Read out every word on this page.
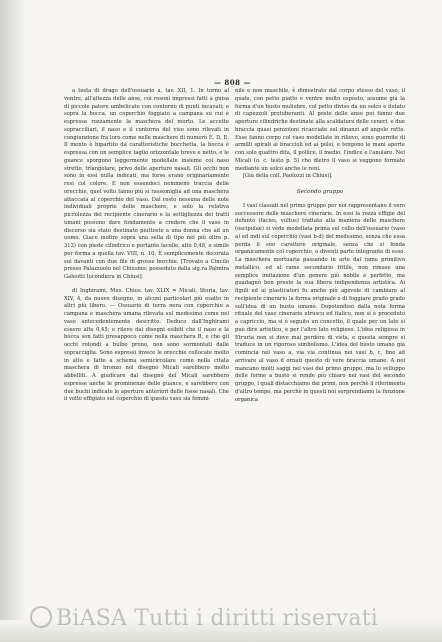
— 808 —

a testa di drago dell'ossuario a, tav. XII, 1. In torno al ventre, all'altezza delle anse, coi rosoni impressi fatti a guisa di piccole patere umbelicate con contorno di punti incavati; e sopra la bocca, un coperchio foggiato a campana su cui è espressa rozzamente la maschera del morto. Le accette sopracciliari, il naso e il contorno del viso sono rilevati in congiunzione fra loro come nelle maschere di numero E, D, E. Il mento è bipartito da caratteristiche bocchetta, la bocca è espressa con un semplice taglio orizzontale breve e netto, e le guance sporgono leggermente modellate insieme col naso stretto, triangolare, privo delle aperture nasali. Gli occhi non sono in essi nulla indicati, ma forse erano originariamente resi col colore. E non essendoci nemmeno traccia delle orecchie, quel volto fanno più si rassomiglia ad una maschera attaccata al coperchio del vaso. Dal resto nessuna delle note individuali proprie delle maschere, e solo la relativa piccolezza del recipiente cinerario e la sottigliezza dei tratti umani possono dare fondamento a credere che il vaso in discorso sia stato destinato piuttosto a una donna che ad un uomo. Giace inoltre sopra una sella di tipo nel più oltre p. 312) con piede cilindrico e portante lacelle, alto 0,48, e simile per forma a quella tav. VIII, n. 10. È semplicemente decorata sui davanti con due file di grosse borchie. [Trovato a Cincilo presso Palazzuolo nel Chiusino; posseduto dalla sig.ra Palmira Galeotti Iocondiera in Chiusi].

d) Inghirami, Mus. Chius. tav. XLIX = Micali, Storia, tav. XIV, 4, da nuovo disegno, in alcuni particolari più esatto in altri più libero. — Ossuario di terra nera con coperchio a campana e maschera umana rilevata sul medesimo come nel vaso antecedentemente descritto. Deduco dall'Inghirami essere alto 0,45; e rilevo dai disegni esibiti che il naso e la bocca son fatti presappoco come nella maschera B, e che gli occhi rotondi a bulbo prono, non sono sormontati dalle sopracciglia. Sono espressi invece le orecchie collocate molto in alto e fatte a schema semicircolare come nella citata maschera di bronzo nel disegno Micali sarebbero molto abbelliti. A giudicare dal disegno del Micali sarebbero espresse anche le prominenze delle guance, e sarebbero con due buchi indicate le aperture anteriori delle fosse nasali. Che il volto effigiato sul coperchio di questo vaso sia femmi-

nile e non maschile, è dimostrato dal corpo stesso del vaso, il quale, con petto piatto e ventre molto esposto, assume già la forma d'un busto muliebre, col petto diviso da un solco e dotato di capezzoli protuberanti. Al posto delle anse poi fanno due aperture cilindriche destinate alla scaldatura delle ceneri, e due braccia quasi penzoloni ricacciate sul dinanzi ad angolo retto. Esse fanno corpo col vaso modellate in rilievo, sono guernite di armilli spirali ai braccioli ed ai polsi, e tengono le mani aperte con solo quattro dita, il pollice, il medio, l'indice e l'anulare. Nel Micali (o. c. testo p. 5) che dietro il vaso si veggono formate mediante un solco anche le reni.

[Già della coll. Paolozzi in Chiusi].

Secondo gruppo

I vasi classati nel primo gruppo per noi rappresentano il vero successore delle maschere cinerarie. In essi la rozza effigie del defunto (facies, vultus) trattata alla maniera delle maschere (oscipulae) si vede modellata prima sul collo dell'ossuario (vaso a) ed indi sul coperchio (vasi b-d) del medesimo, senza che essa perda il suo carattere originale, senza che si fonda organicamente col coperchio, o diventi parte integrante di esso. La maschera mortuaria passando in arte dal rame primitivo metallico, ed al rame secondario fittile, non rimase una semplice imitazione d'un genere più nobile e perfetto, ma guadagnò ben presto la sua libera indipendenza artistica. Ai figuli ed ai plasticatori fu anche più agevole di cambiare al recipiente cinerario la forma originale e di foggiare grado grado sull'idea di un busto umano. Dopotendosi dalla nota forma rituale del vaso cinerario etrusco ed italico, non si è proceduto a capriccio, ma si è seguito un concetto, il quale per un lato si può dire artistico, e per l'altro lato religioso. L'idea religiosa in Etruria non si deve mai perdere di vista, e questa sempre si traduce in un rigoroso simbolismo. L'idea del busto umano già comincia nel vaso a, via via continua nei vasi b, c, fino ad arrivare al vaso d ornati questo di vere braccia umane. A noi mancano molti saggi nel vasi del primo gruppo, ma lo sviluppo delle forme a busto si rende più chiaro nei vasi del secondo gruppo, i quali distacchiamo dai primi, non perchè il riferimento d'altro tempo, ma perchè in questi noi sorprendiamo la funzione organica

BiASA Tutti i diritti riservati
